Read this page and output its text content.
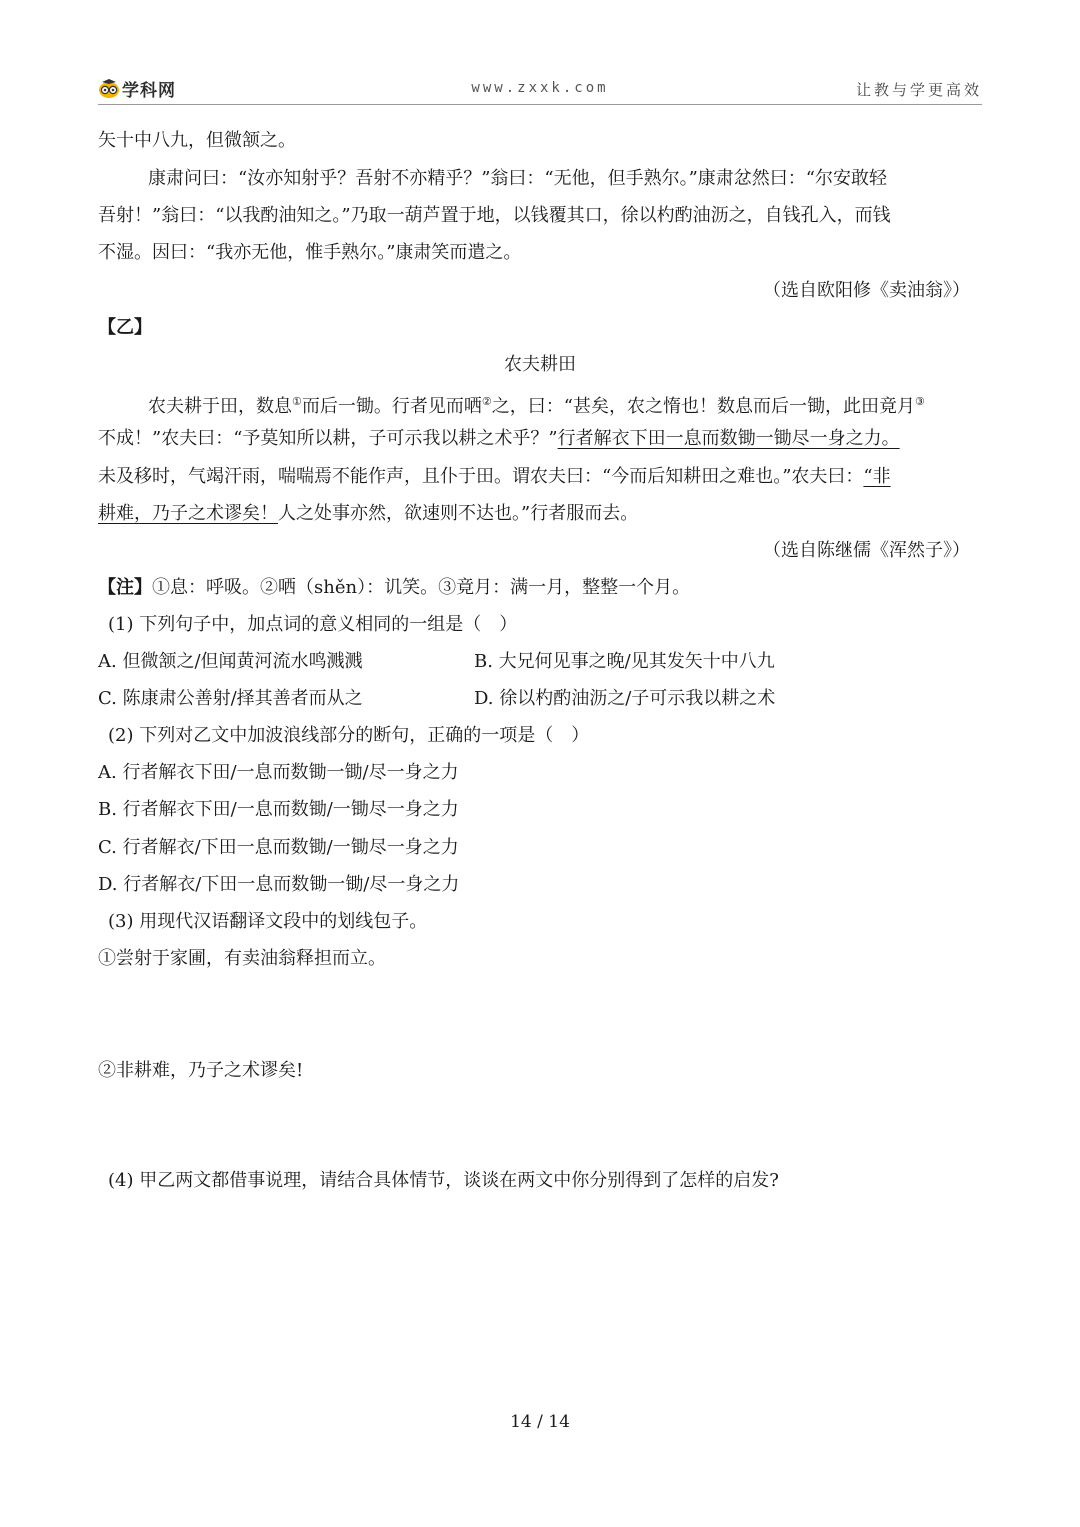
学科网	www.zxxk.com	让教与学更高效
矢十中八九，但微颔之。
康肃问曰：“汝亦知射乎？吾射不亦精乎？”翁曰：“无他，但手熟尔。”康肃忿然曰：“尔安敢轻
吾射！”翁曰：“以我酌油知之。”乃取一葫芦置于地，以钱覆其口，徐以杓酌油沥之，自钱孔入，而钱
不湿。因曰：“我亦无他，惟手熟尔。”康肃笑而遣之。
（选自欧阳修《卖油翁》）
【乙】
农夫耕田
农夫耕于田，数息①而后一锄。行者见而哂②之，曰：“甚矣，农之惰也！数息而后一锄，此田竟月③
不成！”农夫曰：“予莫知所以耕，子可示我以耕之术乎？”行者解衣下田一息而数锄一锄尽一身之力。
未及移时，气竭汗雨，喘喘焉不能作声，且仆于田。谓农夫曰：“今而后知耕田之难也。”农夫曰：“非
耕难，乃子之术谬矣！人之处事亦然，欲速则不达也。”行者服而去。
（选自陈继儒《浑然子》）
【注】①息：呼吸。②哂（shěn）：讥笑。③竟月：满一月，整整一个月。
(1) 下列句子中，加点词的意义相同的一组是（　）
A. 但微颔之/但闻黄河流水鸣溅溅	B. 大兄何见事之晚/见其发矢十中八九
C. 陈康肃公善射/择其善者而从之	D. 徐以杓酌油沥之/子可示我以耕之术
(2) 下列对乙文中加波浪线部分的断句，正确的一项是（　）
A. 行者解衣下田/一息而数锄一锄/尽一身之力
B. 行者解衣下田/一息而数锄/一锄尽一身之力
C. 行者解衣/下田一息而数锄/一锄尽一身之力
D. 行者解衣/下田一息而数锄一锄/尽一身之力
(3) 用现代汉语翻译文段中的划线包子。
①尝射于家圃，有卖油翁释担而立。
②非耕难，乃子之术谬矣!
(4) 甲乙两文都借事说理，请结合具体情节，谈谈在两文中你分别得到了怎样的启发?
14 / 14
